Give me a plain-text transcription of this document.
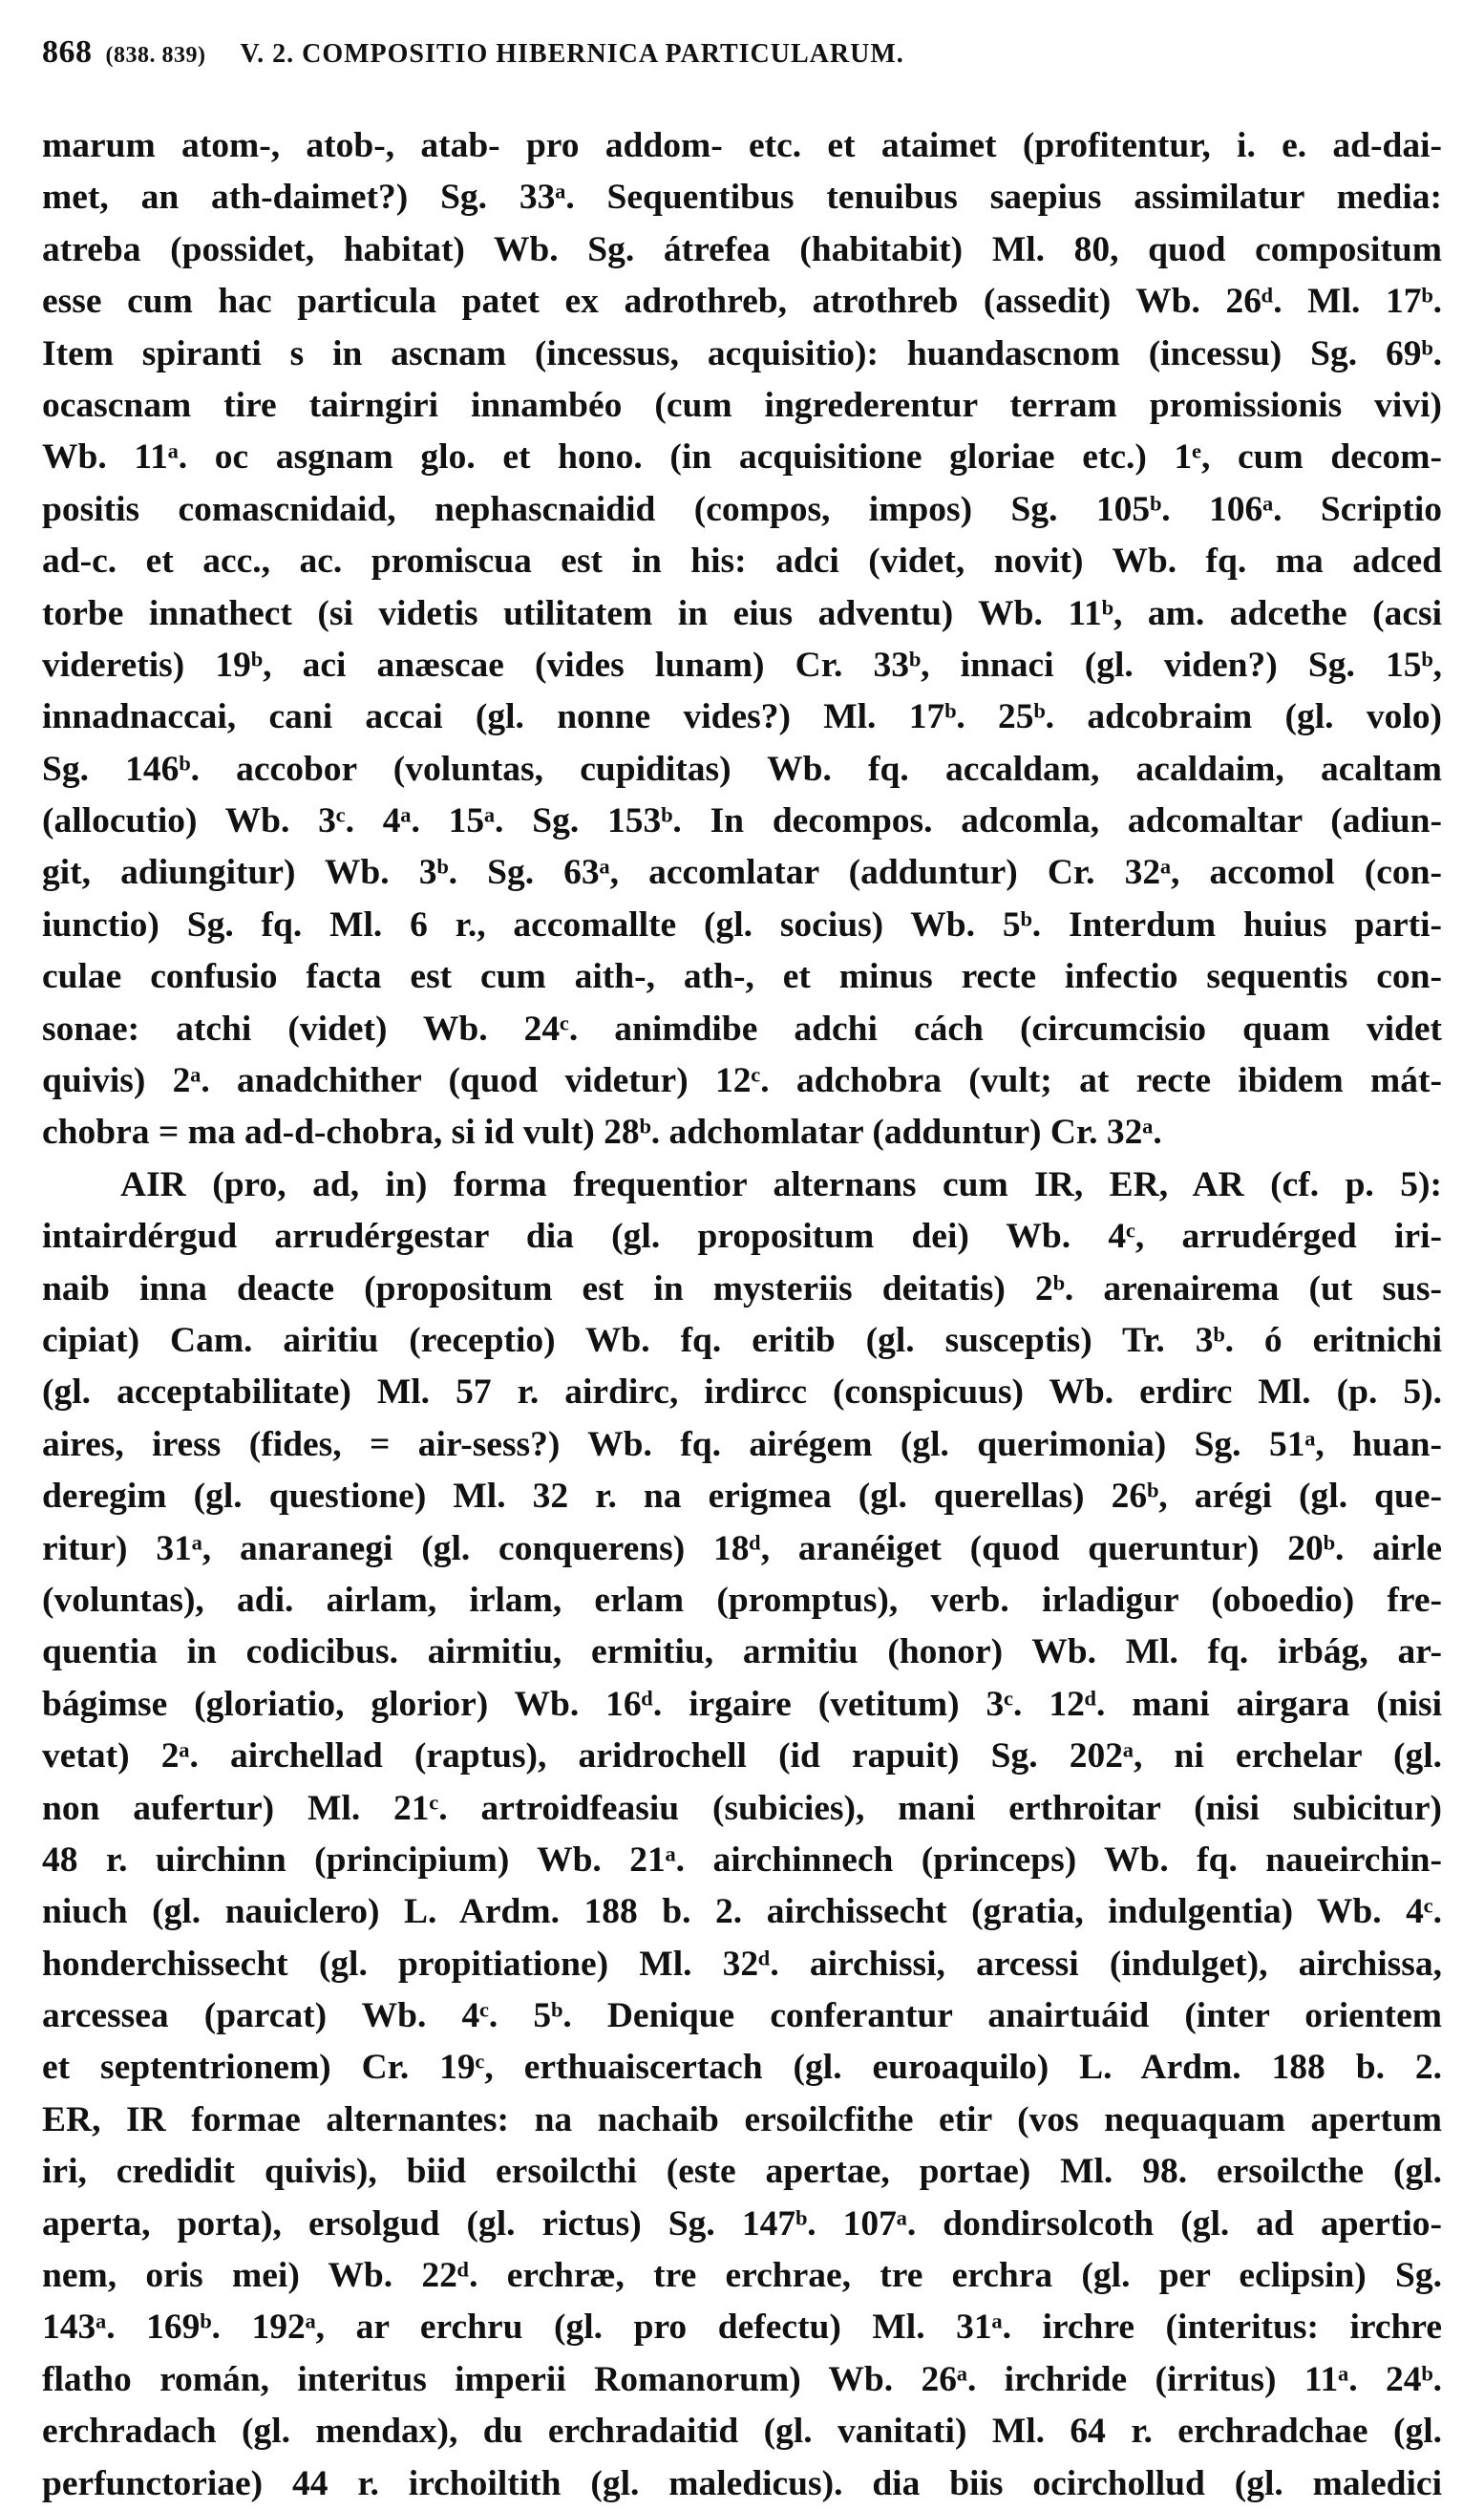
868 (838. 839) V. 2. COMPOSITIO HIBERNICA PARTICULARUM.
marum atom-, atob-, atab- pro addom- etc. et ataimet (profitentur, i. e. ad-dai-
met, an ath-daimet?) Sg. 33ᵃ. Sequentibus tenuibus saepius assimilatur media:
atreba (possidet, habitat) Wb. Sg. átrefea (habitabit) Ml. 80, quod compositum
esse cum hac particula patet ex adrothreb, atrothreb (assedit) Wb. 26ᵈ. Ml. 17ᵇ.
Item spiranti s in ascnam (incessus, acquisitio): huandascnom (incessu) Sg. 69ᵇ.
ocascnam tire tairngiri innambéo (cum ingrederentur terram promissionis vivi)
Wb. 11ᵃ. oc asgnam glo. et hono. (in acquisitione gloriae etc.) 1ᵉ, cum decom-
positis comascnidaid, nephascnaidid (compos, impos) Sg. 105ᵇ. 106ᵃ. Scriptio
ad-c. et acc., ac. promiscua est in his: adci (videt, novit) Wb. fq. ma adced
torbe innathect (si videtis utilitatem in eius adventu) Wb. 11ᵇ, am. adcethe (acsi
videretis) 19ᵇ, aci anæscae (vides lunam) Cr. 33ᵇ, innaci (gl. viden?) Sg. 15ᵇ,
innadnaccai, cani accai (gl. nonne vides?) Ml. 17ᵇ. 25ᵇ. adcobraim (gl. volo)
Sg. 146ᵇ. accobor (voluntas, cupiditas) Wb. fq. accaldam, acaldaim, acaltam
(allocutio) Wb. 3ᶜ. 4ᵃ. 15ᵃ. Sg. 153ᵇ. In decompos. adcomla, adcomaltar (adiun-
git, adiungitur) Wb. 3ᵇ. Sg. 63ᵃ, accomlatar (adduntur) Cr. 32ᵃ, accomol (con-
iunctio) Sg. fq. Ml. 6 r., accomallte (gl. socius) Wb. 5ᵇ. Interdum huius parti-
culae confusio facta est cum aith-, ath-, et minus recte infectio sequentis con-
sonae: atchi (videt) Wb. 24ᶜ. animdibe adchi cách (circumcisio quam videt
quivis) 2ᵃ. anadchither (quod videtur) 12ᶜ. adchobra (vult; at recte ibidem mát-
chobra = ma ad-d-chobra, si id vult) 28ᵇ. adchomlatar (adduntur) Cr. 32ᵃ.
AIR (pro, ad, in) forma frequentior alternans cum IR, ER, AR (cf. p. 5):
intairdérgud arrudérgestar dia (gl. propositum dei) Wb. 4ᶜ, arrudérged iri-
naib inna deacte (propositum est in mysteriis deitatis) 2ᵇ. arenairema (ut sus-
cipiat) Cam. airitiu (receptio) Wb. fq. eritib (gl. susceptis) Tr. 3ᵇ. ó eritnichi
(gl. acceptabilitate) Ml. 57 r. airdirc, irdircc (conspicuus) Wb. erdirc Ml. (p. 5).
aires, iress (fides, = air-sess?) Wb. fq. airégem (gl. querimonia) Sg. 51ᵃ, huan-
deregim (gl. questione) Ml. 32 r. na erigmea (gl. querellas) 26ᵇ, arégi (gl. que-
ritur) 31ᵃ, anaranegi (gl. conquerens) 18ᵈ, aranéiget (quod queruntur) 20ᵇ. airle
(voluntas), adi. airlam, irlam, erlam (promptus), verb. irladigur (oboedio) fre-
quentia in codicibus. airmitiu, ermitiu, armitiu (honor) Wb. Ml. fq. irbág, ar-
bágimse (gloriatio, glorior) Wb. 16ᵈ. irgaire (vetitum) 3ᶜ. 12ᵈ. mani airgara (nisi
vetat) 2ᵃ. airchellad (raptus), aridrochell (id rapuit) Sg. 202ᵃ, ni erchelar (gl.
non aufertur) Ml. 21ᶜ. artroidfeasiu (subicies), mani erthroitar (nisi subicitur)
48 r. uirchinn (principium) Wb. 21ᵃ. airchinnech (princeps) Wb. fq. naueirchin-
niuch (gl. nauiclero) L. Ardm. 188 b. 2. airchissecht (gratia, indulgentia) Wb. 4ᶜ.
honderchissecht (gl. propitiatione) Ml. 32ᵈ. airchissi, arcessi (indulget), airchissa,
arcessea (parcat) Wb. 4ᶜ. 5ᵇ. Denique conferantur anairtuáid (inter orientem
et septentrionem) Cr. 19ᶜ, erthuaiscertach (gl. euroaquilo) L. Ardm. 188 b. 2.
ER, IR formae alternantes: na nachaib ersoilcfithe etir (vos nequaquam apertum
iri, credidit quivis), biid ersoilcthi (este apertae, portae) Ml. 98. ersoilcthe (gl.
aperta, porta), ersolgud (gl. rictus) Sg. 147ᵇ. 107ᵃ. dondirsolcoth (gl. ad apertio-
nem, oris mei) Wb. 22ᵈ. erchræ, tre erchrae, tre erchra (gl. per eclipsin) Sg.
143ᵃ. 169ᵇ. 192ᵃ, ar erchru (gl. pro defectu) Ml. 31ᵃ. irchre (interitus: irchre
flatho román, interitus imperii Romanorum) Wb. 26ᵃ. irchride (irritus) 11ᵃ. 24ᵇ.
erchradach (gl. mendax), du erchradaitid (gl. vanitati) Ml. 64 r. erchradchae (gl.
perfunctoriae) 44 r. irchoiltith (gl. maledicus). dia biis ocirchollud (gl. maledici
